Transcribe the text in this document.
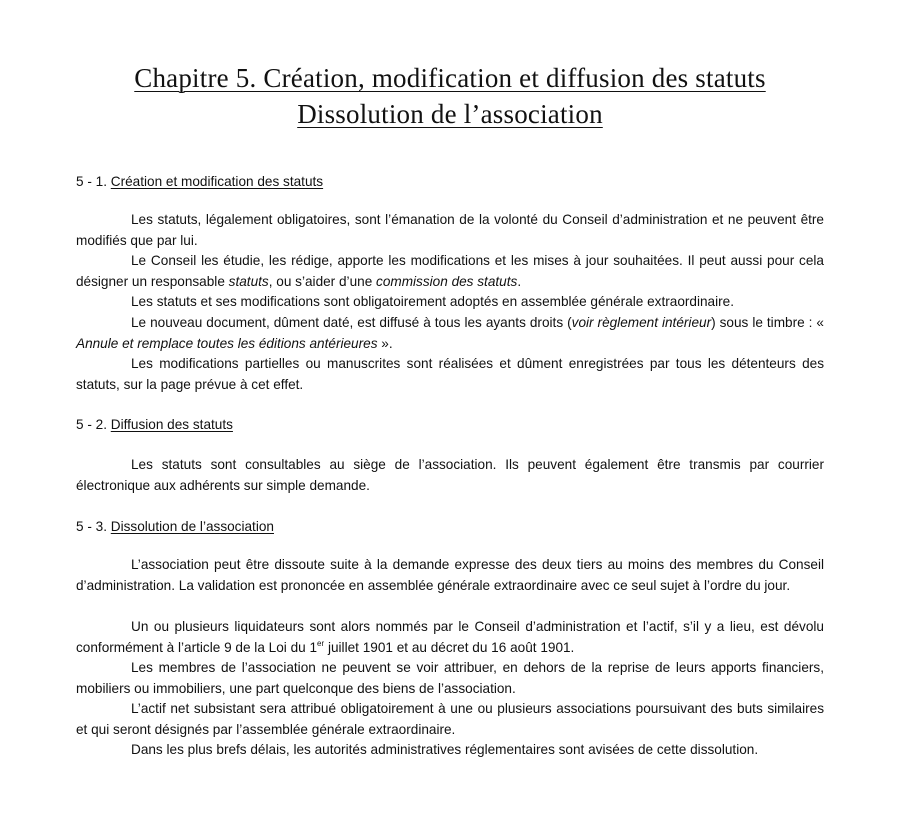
Chapitre 5. Création, modification et diffusion des statuts
Dissolution de l’association
5 - 1. Création et modification des statuts

Les statuts, légalement obligatoires, sont l’émanation de la volonté du Conseil d’administration et ne peuvent être modifiés que par lui.

Le Conseil les étudie, les rédige, apporte les modifications et les mises à jour souhaitées. Il peut aussi pour cela désigner un responsable statuts, ou s’aider d’une commission des statuts.

Les statuts et ses modifications sont obligatoirement adoptés en assemblée générale extraordinaire.

Le nouveau document, dûment daté, est diffusé à tous les ayants droits (voir règlement intérieur) sous le timbre : « Annule et remplace toutes les éditions antérieures ».

Les modifications partielles ou manuscrites sont réalisées et dûment enregistrées par tous les détenteurs des statuts, sur la page prévue à cet effet.

5 - 2. Diffusion des statuts

Les statuts sont consultables au siège de l’association. Ils peuvent également être transmis par courrier électronique aux adhérents sur simple demande.

5 - 3. Dissolution de l’association

L’association peut être dissoute suite à la demande expresse des deux tiers au moins des membres du Conseil d’administration. La validation est prononcée en assemblée générale extraordinaire avec ce seul sujet à l’ordre du jour.

Un ou plusieurs liquidateurs sont alors nommés par le Conseil d’administration et l’actif, s’il y a lieu, est dévolu conformément à l’article 9 de la Loi du 1er juillet 1901 et au décret du 16 août 1901.

Les membres de l’association ne peuvent se voir attribuer, en dehors de la reprise de leurs apports financiers, mobiliers ou immobiliers, une part quelconque des biens de l’association.

L’actif net subsistant sera attribué obligatoirement à une ou plusieurs associations poursuivant des buts similaires et qui seront désignés par l’assemblée générale extraordinaire.

Dans les plus brefs délais, les autorités administratives réglementaires sont avisées de cette dissolution.
